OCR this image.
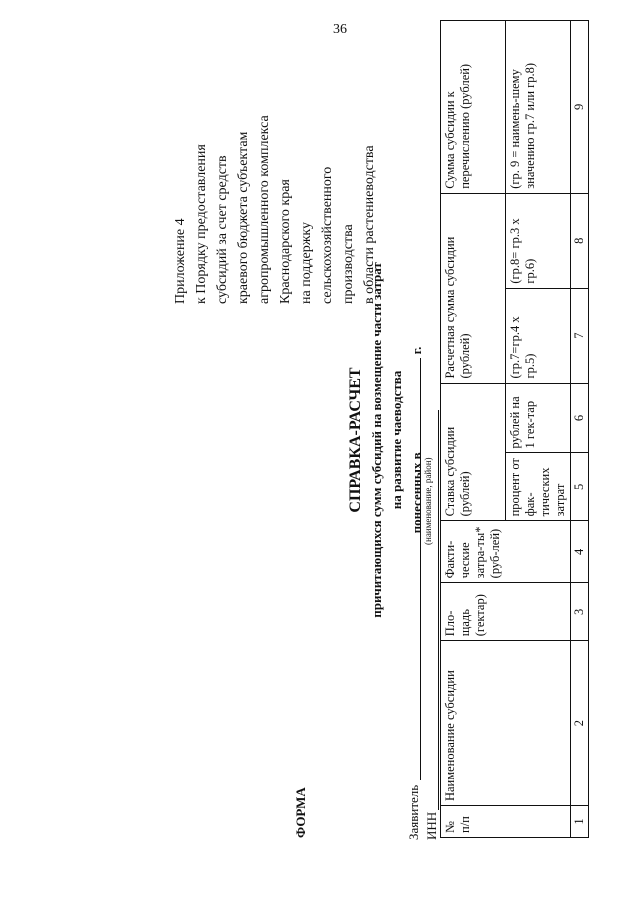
36
Приложение 4 к Порядку предоставления субсидий за счет средств краевого бюджета субъектам агропромышленного комплекса Краснодарского края на поддержку сельскохозяйственного производства в области растениеводства
СПРАВКА-РАСЧЕТ причитающихся сумм субсидий на возмещение части затрат на развитие чаеводства понесенных вг.
ФОРМА	Заявитель
(наименование, район)
ИНН № п/п	Наименование субсидии	Пло-щадь (гектар)	Факти-ческие затра-ты* (руб-лей)	Ставка субсидии (рублей)		Расчетная сумма субсидии (рублей)		Сумма субсидии к перечислению (рублей)
				процент от фак-тических затрат	рублей на 1 гек-тар	(гр.7=гр.4 х гр.5)	(гр.8= гр.3 х гр.6)	(гр. 9 = наимень-шему значению гр.7 или гр.8)
1	2	3	4	5	6	7	8	9
